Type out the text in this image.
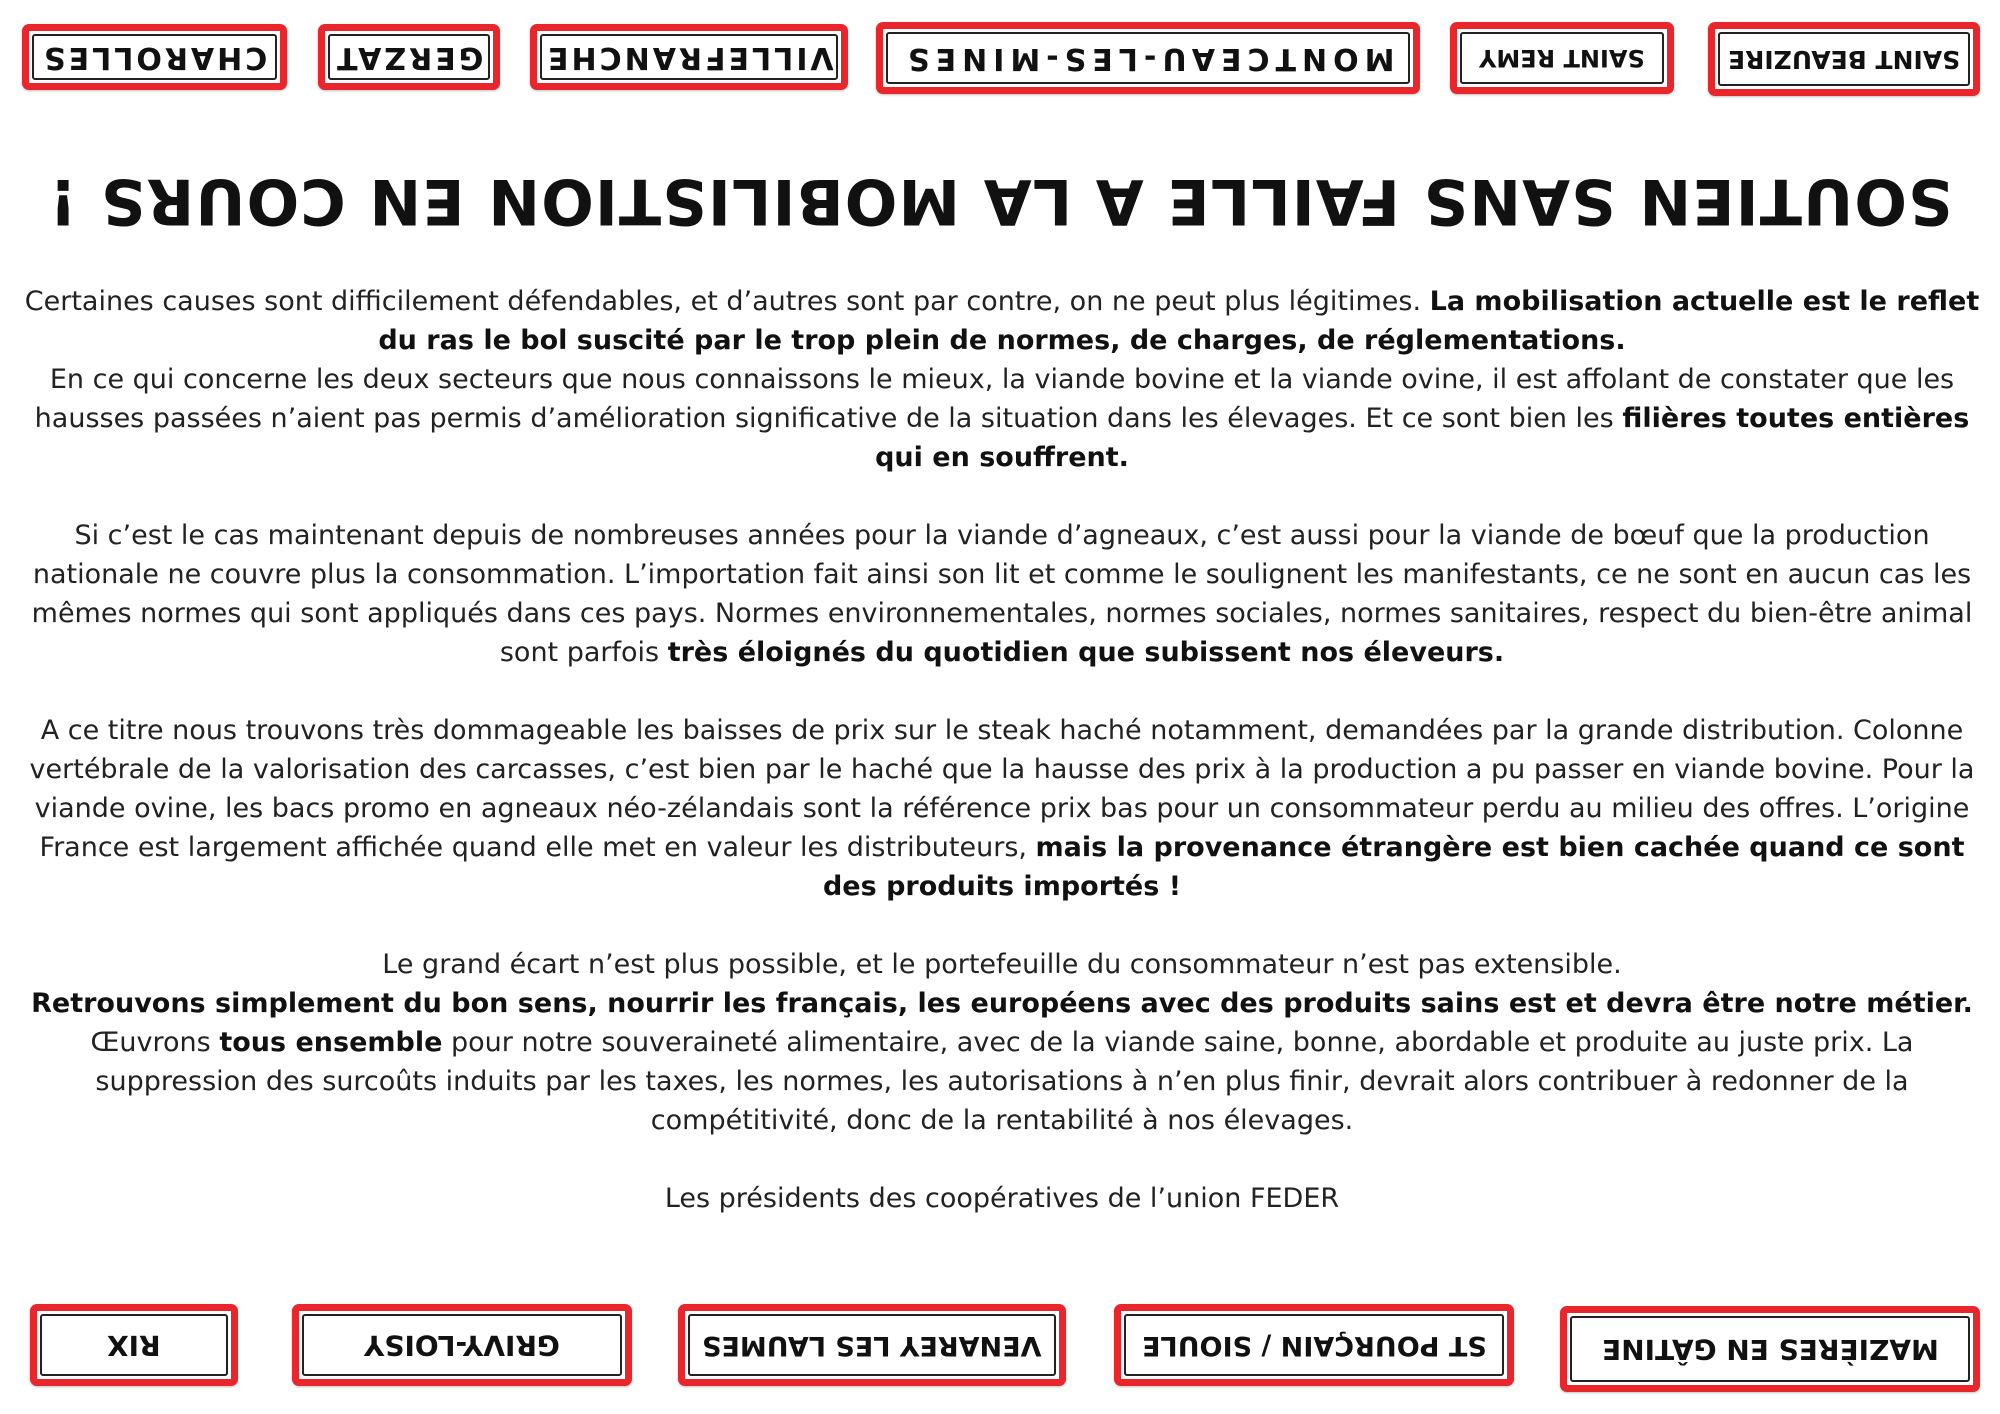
CHAROLLES GERZAT VILLEFRANCHE MONTCEAU-LES-MINES	SAINT REMY	SAINT BEAUZIRE
SOUTIEN SANS FAILLE A LA MOBILISTION EN COURS !

Certaines causes sont difficilement défendables, et d’autres sont par contre, on ne peut plus légitimes. La mobilisation actuelle est le reflet du ras le bol suscité par le trop plein de normes, de charges, de réglementations.

En ce qui concerne les deux secteurs que nous connaissons le mieux, la viande bovine et la viande ovine, il est affolant de constater que les hausses passées n’aient pas permis d’amélioration significative de la situation dans les élevages. Et ce sont bien les filières toutes entières qui en souffrent.

Si c’est le cas maintenant depuis de nombreuses années pour la viande d’agneaux, c’est aussi pour la viande de bœuf que la production nationale ne couvre plus la consommation. L’importation fait ainsi son lit et comme le soulignent les manifestants, ce ne sont en aucun cas les mêmes normes qui sont appliqués dans ces pays. Normes environnementales, normes sociales, normes sanitaires, respect du bien-être animal sont parfois très éloignés du quotidien que subissent nos éleveurs.

A ce titre nous trouvons très dommageable les baisses de prix sur le steak haché notamment, demandées par la grande distribution. Colonne vertébrale de la valorisation des carcasses, c’est bien par le haché que la hausse des prix à la production a pu passer en viande bovine. Pour la viande ovine, les bacs promo en agneaux néo-zélandais sont la référence prix bas pour un consommateur perdu au milieu des offres. L’origine France est largement affichée quand elle met en valeur les distributeurs, mais la provenance étrangère est bien cachée quand ce sont des produits importés !

Le grand écart n’est plus possible, et le portefeuille du consommateur n’est pas extensible.

Retrouvons simplement du bon sens, nourrir les français, les européens avec des produits sains est et devra être notre métier.

Œuvrons tous ensemble pour notre souveraineté alimentaire, avec de la viande saine, bonne, abordable et produite au juste prix. La suppression des surcoûts induits par les taxes, les normes, les autorisations à n’en plus finir, devrait alors contribuer à redonner de la compétitivité, donc de la rentabilité à nos élevages.

Les présidents des coopératives de l’union FEDER

RIX	GRIVY-LOISY	VENAREY LES LAUMES	ST POURÇAIN / SIOULE	MAZIÈRES EN GÂTINE
